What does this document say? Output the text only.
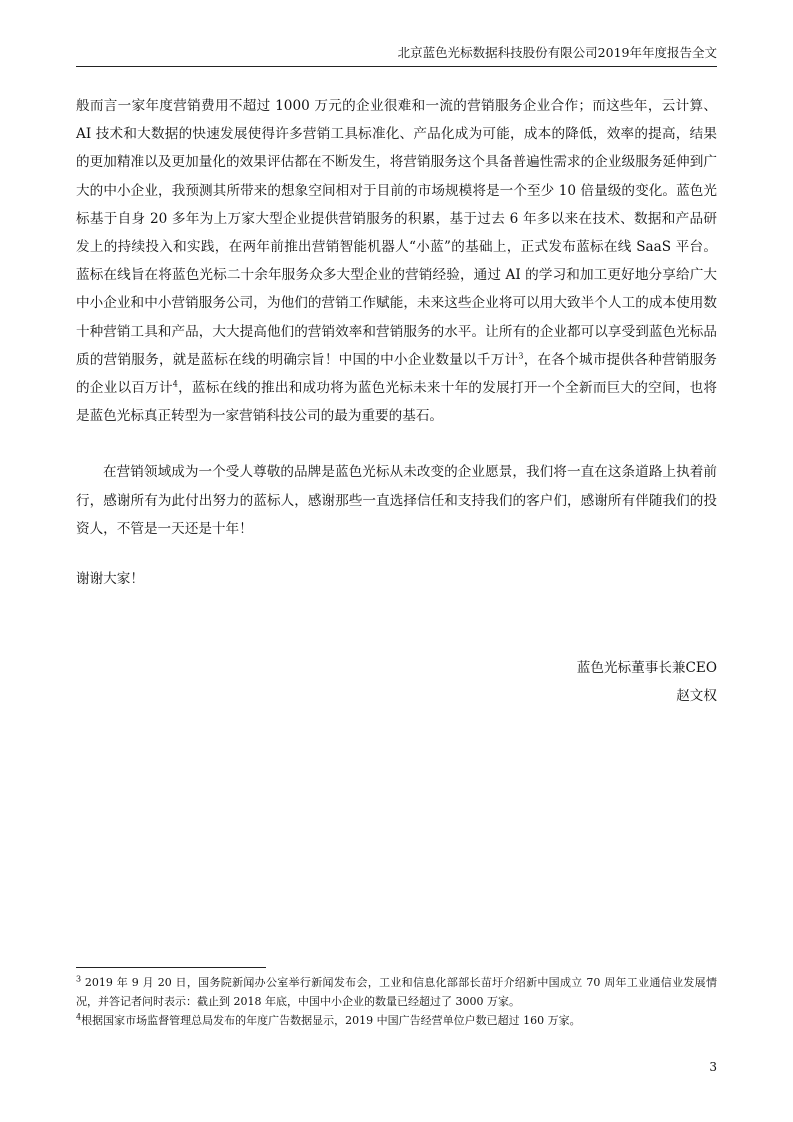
北京蓝色光标数据科技股份有限公司2019年年度报告全文

般而言一家年度营销费用不超过 1000 万元的企业很难和一流的营销服务企业合作；而这些年，云计算、AI 技术和大数据的快速发展使得许多营销工具标准化、产品化成为可能，成本的降低，效率的提高，结果的更加精准以及更加量化的效果评估都在不断发生，将营销服务这个具备普遍性需求的企业级服务延伸到广大的中小企业，我预测其所带来的想象空间相对于目前的市场规模将是一个至少 10 倍量级的变化。蓝色光标基于自身 20 多年为上万家大型企业提供营销服务的积累，基于过去 6 年多以来在技术、数据和产品研发上的持续投入和实践，在两年前推出营销智能机器人“小蓝”的基础上，正式发布蓝标在线 SaaS 平台。蓝标在线旨在将蓝色光标二十余年服务众多大型企业的营销经验，通过 AI 的学习和加工更好地分享给广大中小企业和中小营销服务公司，为他们的营销工作赋能，未来这些企业将可以用大致半个人工的成本使用数十种营销工具和产品，大大提高他们的营销效率和营销服务的水平。让所有的企业都可以享受到蓝色光标品质的营销服务，就是蓝标在线的明确宗旨！中国的中小企业数量以千万计$^3$，在各个城市提供各种营销服务的企业以百万计$^4$，蓝标在线的推出和成功将为蓝色光标未来十年的发展打开一个全新而巨大的空间，也将是蓝色光标真正转型为一家营销科技公司的最为重要的基石。

在营销领域成为一个受人尊敬的品牌是蓝色光标从未改变的企业愿景，我们将一直在这条道路上执着前行，感谢所有为此付出努力的蓝标人，感谢那些一直选择信任和支持我们的客户们，感谢所有伴随我们的投资人，不管是一天还是十年！

谢谢大家！
蓝色光标董事长兼CEO
赵文权

$^3$ 2019 年 9 月 20 日，国务院新闻办公室举行新闻发布会，工业和信息化部部长苗圩介绍新中国成立 70 周年工业通信业发展情况，并答记者问时表示：截止到 2018 年底，中国中小企业的数量已经超过了 3000 万家。

$^4$根据国家市场监督管理总局发布的年度广告数据显示，2019 中国广告经营单位户数已超过 160 万家。

3
